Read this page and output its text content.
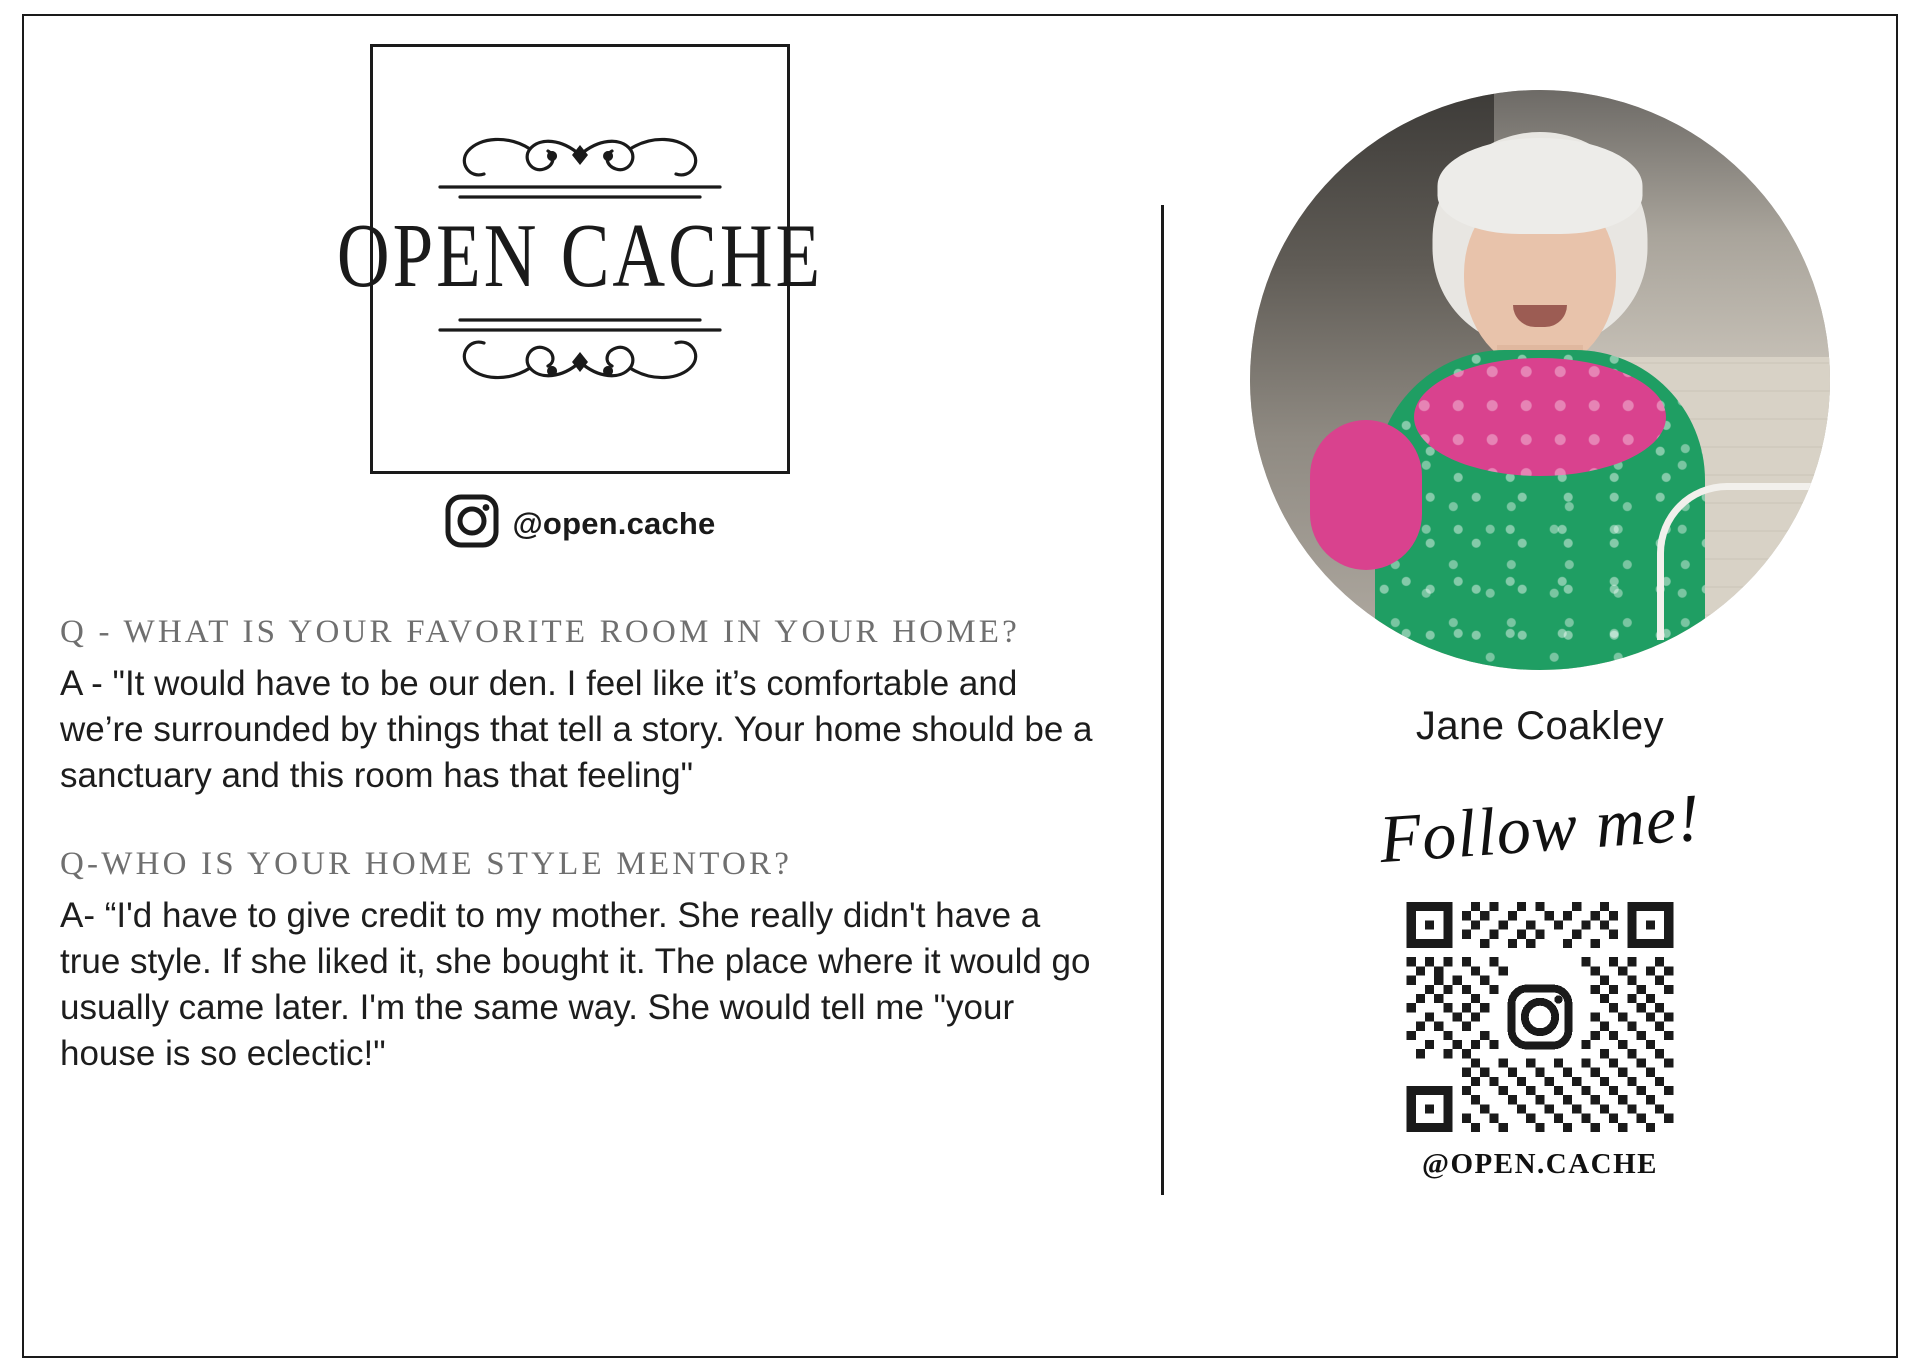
OPEN CACHE
@open.cache
Q - WHAT IS YOUR FAVORITE ROOM IN YOUR HOME?
A - "It would have to be our den. I feel like it’s comfortable and we’re surrounded by things that tell a story. Your home should be a sanctuary and this room has that feeling"
Q-WHO IS YOUR HOME STYLE MENTOR?
A- “I'd have to give credit to my mother. She really didn't have a true style. If she liked it, she bought it. The place where it would go usually came later. I'm the same way. She would tell me "your house is so eclectic!"
Jane Coakley
Follow me!
@OPEN.CACHE
